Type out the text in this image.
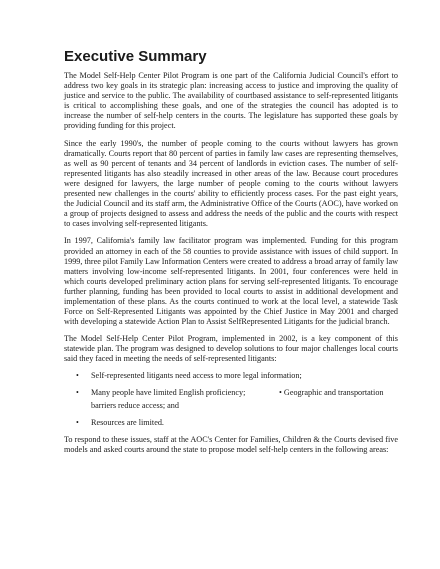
Executive Summary

The Model Self-Help Center Pilot Program is one part of the California Judicial Council's effort to address two key goals in its strategic plan: increasing access to justice and improving the quality of justice and service to the public. The availability of courtbased assistance to self-represented litigants is critical to accomplishing these goals, and one of the strategies the council has adopted is to increase the number of self-help centers in the courts. The legislature has supported these goals by providing funding for this project.

Since the early 1990's, the number of people coming to the courts without lawyers has grown dramatically. Courts report that 80 percent of parties in family law cases are representing themselves, as well as 90 percent of tenants and 34 percent of landlords in eviction cases. The number of self-represented litigants has also steadily increased in other areas of the law. Because court procedures were designed for lawyers, the large number of people coming to the courts without lawyers presented new challenges in the courts' ability to efficiently process cases. For the past eight years, the Judicial Council and its staff arm, the Administrative Office of the Courts (AOC), have worked on a group of projects designed to assess and address the needs of the public and the courts with respect to cases involving self-represented litigants.

In 1997, California's family law facilitator program was implemented. Funding for this program provided an attorney in each of the 58 counties to provide assistance with issues of child support. In 1999, three pilot Family Law Information Centers were created to address a broad array of family law matters involving low-income self-represented litigants. In 2001, four conferences were held in which courts developed preliminary action plans for serving self-represented litigants. To encourage further planning, funding has been provided to local courts to assist in additional development and implementation of these plans. As the courts continued to work at the local level, a statewide Task Force on Self-Represented Litigants was appointed by the Chief Justice in May 2001 and charged with developing a statewide Action Plan to Assist SelfRepresented Litigants for the judicial branch.

The Model Self-Help Center Pilot Program, implemented in 2002, is a key component of this statewide plan. The program was designed to develop solutions to four major challenges local courts said they faced in meeting the needs of self-represented litigants:

• Self-represented litigants need access to more legal information;
• Many people have limited English proficiency;	• Geographic and transportation
barriers reduce access; and
• Resources are limited.

To respond to these issues, staff at the AOC's Center for Families, Children & the Courts devised five models and asked courts around the state to propose model self-help centers in the following areas:
